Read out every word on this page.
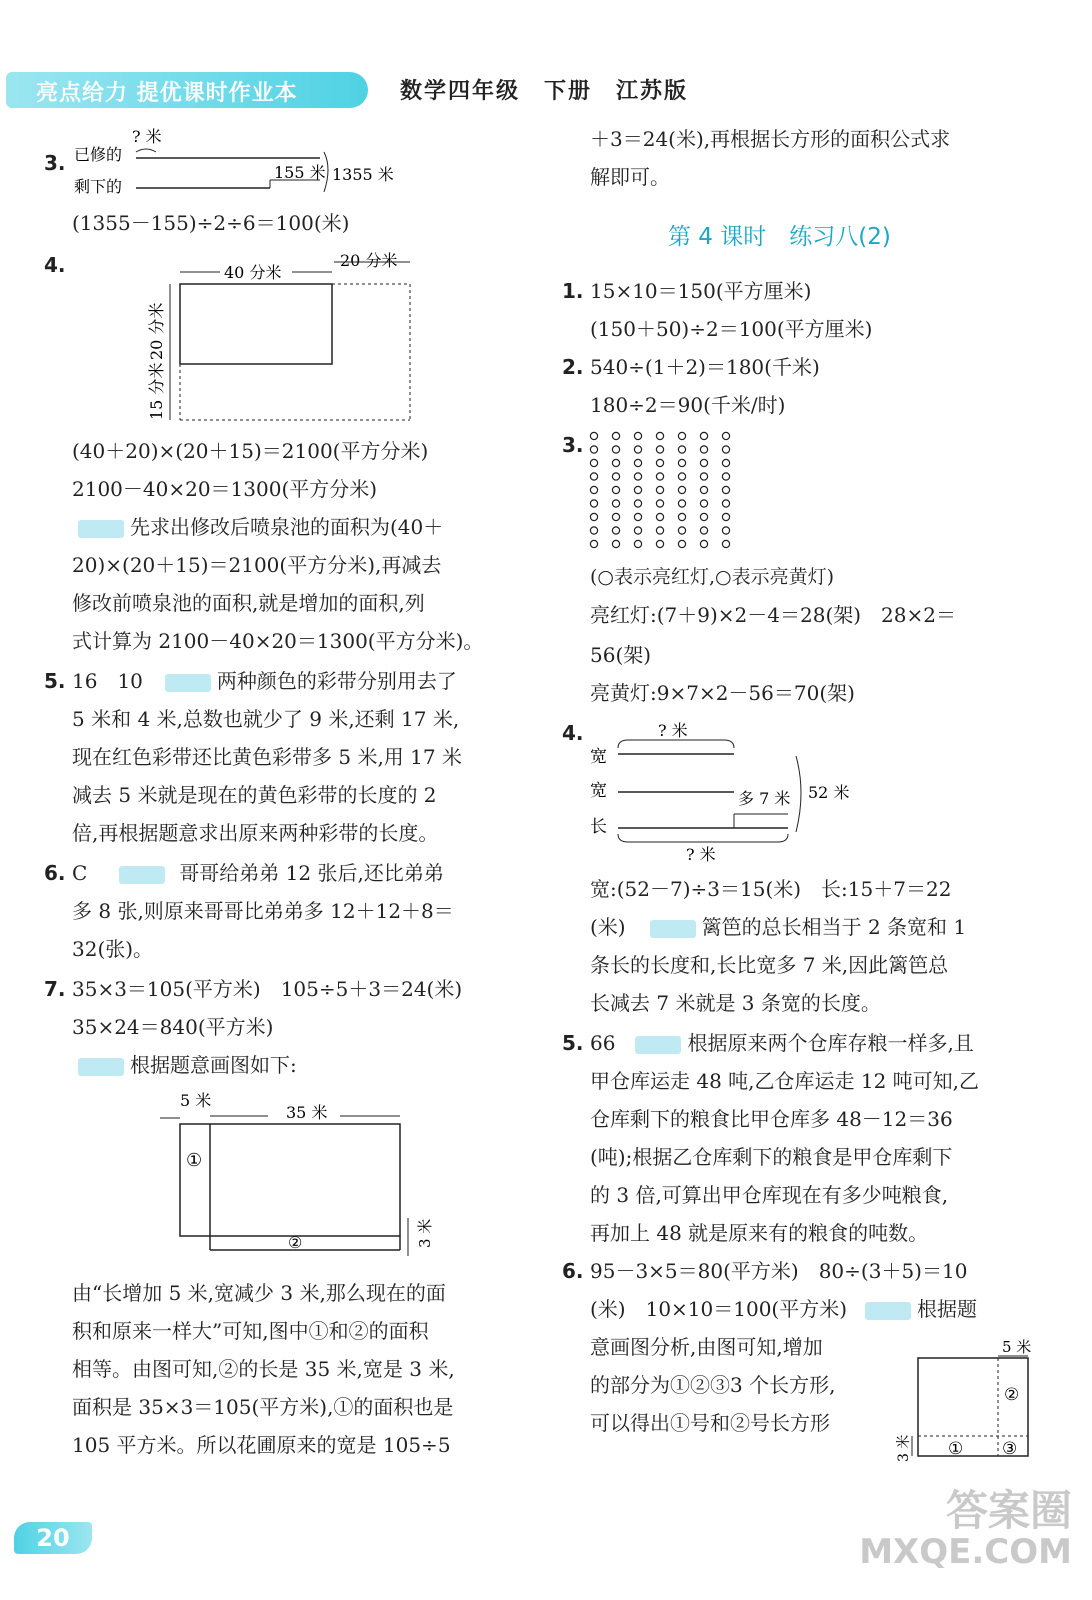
亮点给力 提优课时作业本	数学四年级　下册　江苏版
3.
? 米
已修的
剩下的
155 米 1355 米
(1355－155)÷2÷6＝100(米)
4.	40 分米
20 分米
20 分米
15 分米
(40＋20)×(20＋15)＝2100(平方分米)
2100－40×20＝1300(平方分米)
先求出修改后喷泉池的面积为(40＋
20)×(20＋15)＝2100(平方分米),再减去
修改前喷泉池的面积,就是增加的面积,列
式计算为 2100－40×20＝1300(平方分米)。
5. 16　10	两种颜色的彩带分别用去了
5 米和 4 米,总数也就少了 9 米,还剩 17 米,
现在红色彩带还比黄色彩带多 5 米,用 17 米
减去 5 米就是现在的黄色彩带的长度的 2
倍,再根据题意求出原来两种彩带的长度。
6. C	哥哥给弟弟 12 张后,还比弟弟
多 8 张,则原来哥哥比弟弟多 12＋12＋8＝
32(张)。
7. 35×3＝105(平方米)　105÷5＋3＝24(米)
35×24＝840(平方米)
根据题意画图如下:
5 米
35 米
①
②	3 米
由“长增加 5 米,宽减少 3 米,那么现在的面
积和原来一样大”可知,图中①和②的面积
相等。由图可知,②的长是 35 米,宽是 3 米,
面积是 35×3＝105(平方米),①的面积也是
105 平方米。所以花圃原来的宽是 105÷5
＋3＝24(米),再根据长方形的面积公式求
解即可。
第 4 课时　练习八(2)
1. 15×10＝150(平方厘米)
(150＋50)÷2＝100(平方厘米)
2. 540÷(1＋2)＝180(千米)
180÷2＝90(千米/时)
3.
(○表示亮红灯,○表示亮黄灯)
亮红灯:(7＋9)×2－4＝28(架)　28×2＝
56(架)
亮黄灯:9×7×2－56＝70(架)
4.	? 米
宽
宽	多 7 米
长
52 米
? 米
宽:(52－7)÷3＝15(米)　长:15＋7＝22
(米)	篱笆的总长相当于 2 条宽和 1
条长的长度和,长比宽多 7 米,因此篱笆总
长减去 7 米就是 3 条宽的长度。
5. 66	根据原来两个仓库存粮一样多,且
甲仓库运走 48 吨,乙仓库运走 12 吨可知,乙
仓库剩下的粮食比甲仓库多 48－12＝36
(吨);根据乙仓库剩下的粮食是甲仓库剩下
的 3 倍,可算出甲仓库现在有多少吨粮食,
再加上 48 就是原来有的粮食的吨数。
6. 95－3×5＝80(平方米)　80÷(3＋5)＝10
(米)　10×10＝100(平方米)	根据题
意画图分析,由图可知,增加
的部分为①②③3 个长方形,
可以得出①号和②号长方形
5 米
②
① ③
3 米
20
答案圈
MXQE.COM
